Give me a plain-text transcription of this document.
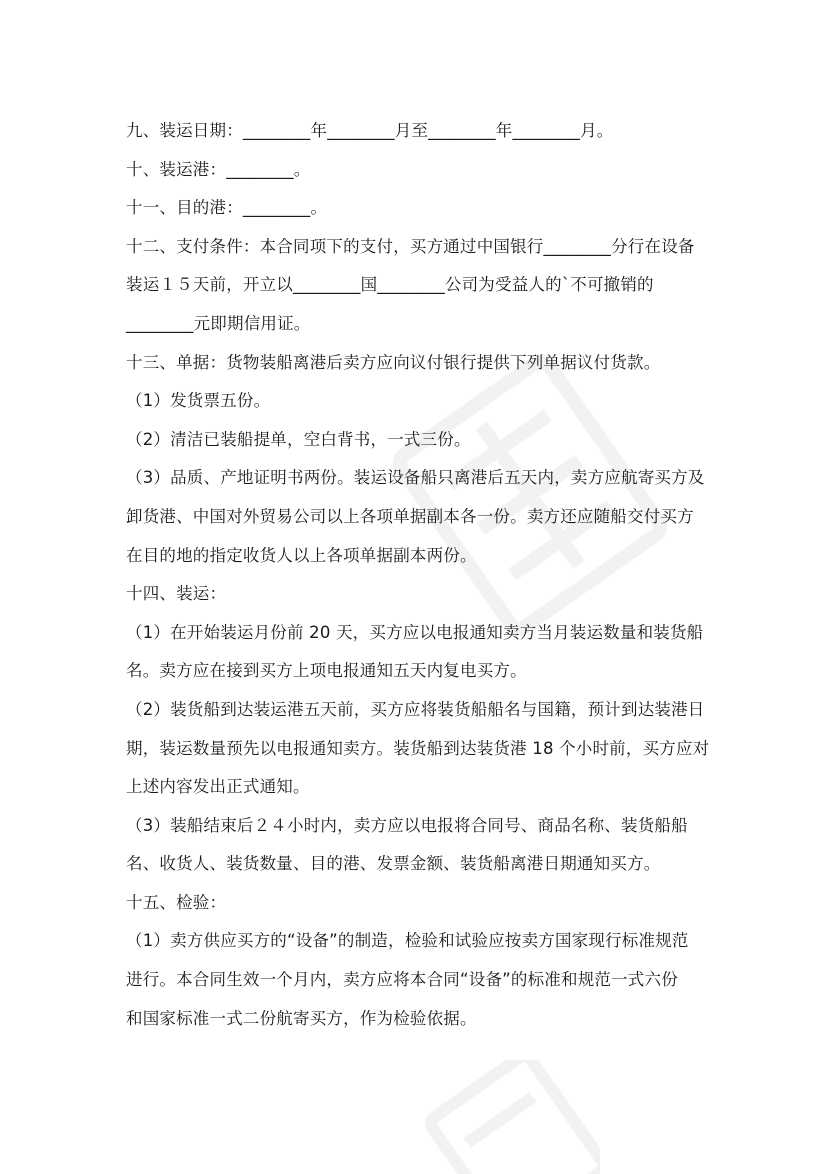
九、装运日期：________年________月至________年________月。
十、装运港：________。
十一、目的港：________。
十二、支付条件：本合同项下的支付，买方通过中国银行________分行在设备
装运１５天前，开立以________国________公司为受益人的`不可撤销的
________元即期信用证。
十三、单据：货物装船离港后卖方应向议付银行提供下列单据议付货款。
（1）发货票五份。
（2）清洁已装船提单，空白背书，一式三份。
（3）品质、产地证明书两份。装运设备船只离港后五天内，卖方应航寄买方及
卸货港、中国对外贸易公司以上各项单据副本各一份。卖方还应随船交付买方
在目的地的指定收货人以上各项单据副本两份。
十四、装运：
（1）在开始装运月份前 20 天，买方应以电报通知卖方当月装运数量和装货船
名。卖方应在接到买方上项电报通知五天内复电买方。
（2）装货船到达装运港五天前，买方应将装货船船名与国籍，预计到达装港日
期，装运数量预先以电报通知卖方。装货船到达装货港 18 个小时前，买方应对
上述内容发出正式通知。
（3）装船结束后２４小时内，卖方应以电报将合同号、商品名称、装货船船
名、收货人、装货数量、目的港、发票金额、装货船离港日期通知买方。
十五、检验：
（1）卖方供应买方的“设备”的制造，检验和试验应按卖方国家现行标准规范
进行。本合同生效一个月内，卖方应将本合同“设备”的标准和规范一式六份
和国家标准一式二份航寄买方，作为检验依据。
